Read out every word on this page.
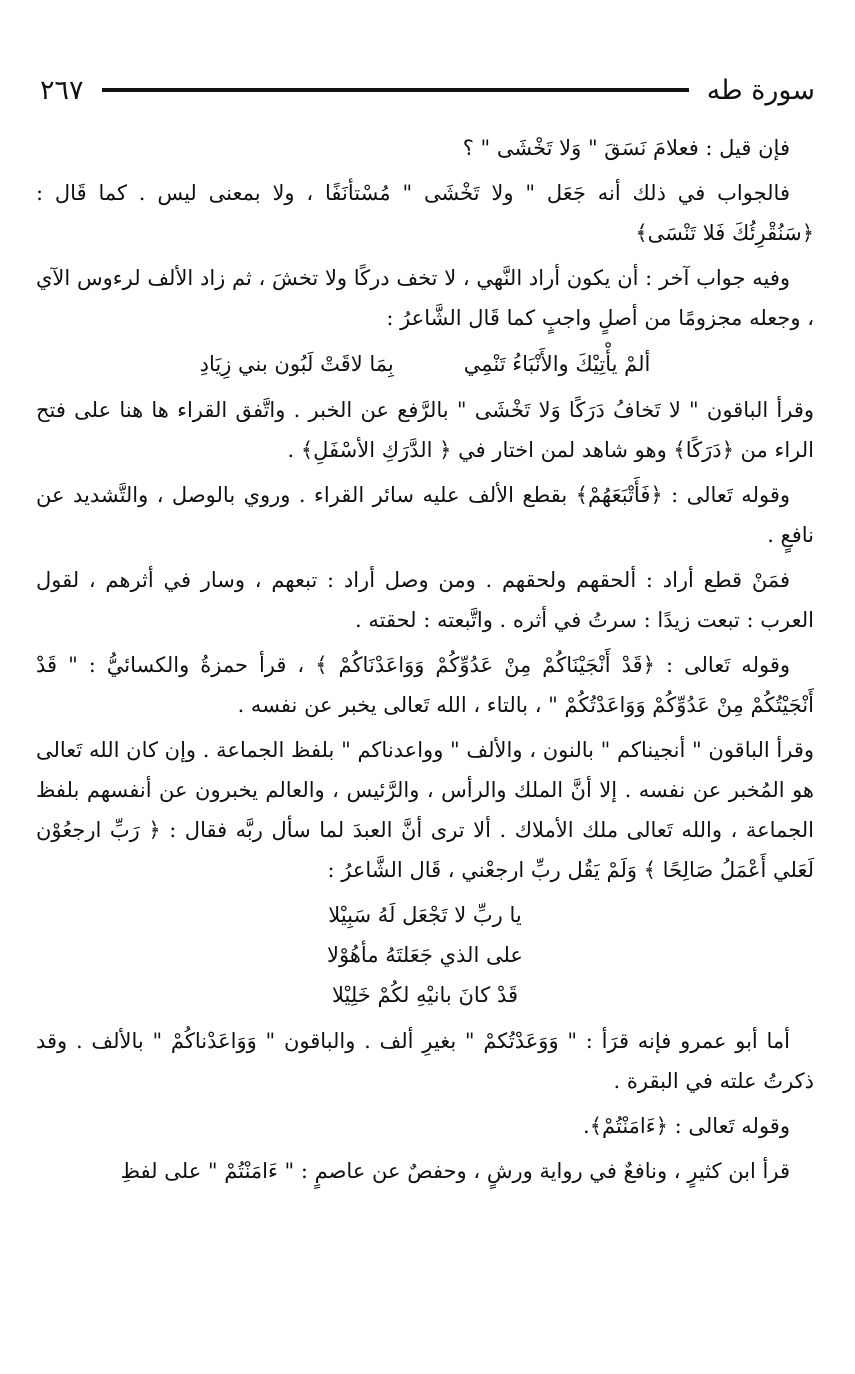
سورة طه
٢٦٧

فإن قيل : فعلامَ نَسَقَ " وَلا تَخْشَى " ؟

فالجواب في ذلك أنه جَعَل " ولا تَخْشَى " مُسْتأنَفًا ، ولا بمعنى ليس . كما قَال : ﴿سَنُقْرِئُكَ فَلا تَنْسَى﴾

وفيه جواب آخر : أن يكون أراد النَّهي ، لا تخف دركًا ولا تخشَ ، ثم زاد الألف لرءوس الآي ، وجعله مجزومًا من أصلٍ واجبٍ كما قَال الشَّاعرُ :

ألمْ يأْتِيْكَ والأَنْبَاءُ تَنْمِي
بِمَا لاقَتْ لَبُون بني زِيَادِ

وقرأ الباقون " لا تَخافُ دَرَكًا وَلا تَخْشَى " بالرَّفع عن الخبر . واتَّفق القراء ها هنا على فتح الراء من ﴿دَرَكًا﴾ وهو شاهد لمن اختار في ﴿ الدَّرَكِ الأسْفَلِ﴾ .

وقوله تَعالى : ﴿فَأَتْبَعَهُمْ﴾ بقطع الألف عليه سائر القراء . وروي بالوصل ، والتَّشديد عن نافعٍ .

فمَنْ قطع أراد : ألحقهم ولحقهم . ومن وصل أراد : تبعهم ، وسار في أثرهم ، لقول العرب : تبعت زيدًا : سرتُ في أثره . واتَّبعته : لحقته .

وقوله تَعالى : ﴿قَدْ أَنْجَيْنَاكُمْ مِنْ عَدُوِّكُمْ وَوَاعَدْنَاكُمْ ﴾ ، قرأ حمزةُ والكسائيُّ : " قَدْ أَنْجَيْتُكُمْ مِنْ عَدُوِّكُمْ وَوَاعَدْتُكُمْ " ، بالتاء ، الله تَعالى يخبر عن نفسه .

وقرأ الباقون " أنجيناكم " بالنون ، والألف " وواعدناكم " بلفظ الجماعة . وإن كان الله تَعالى هو المُخبر عن نفسه . إلا أنَّ الملك والرأس ، والرَّئيس ، والعالم يخبرون عن أنفسهم بلفظ الجماعة ، والله تَعالى ملك الأملاك . ألا ترى أنَّ العبدَ لما سأل ربَّه فقال : ﴿ رَبِّ ارجعُوْن لَعَلي أَعْمَلُ صَالِحًا ﴾ وَلَمْ يَقُل ربِّ ارجعْني ، قَال الشَّاعرُ :

يا ربِّ لا تَجْعَل لَهُ سَبِيْلا
على الذي جَعَلتَهُ مأهُوْلا
قَدْ كانَ بانيْهِ لكُمْ خَلِيْلا

أما أبو عمرو فإنه قرَأ : " وَوَعَدْتُكمْ " بغيرِ ألف . والباقون " وَوَاعَدْناكُمْ " بالألف . وقد ذكرتُ علته في البقرة .

وقوله تَعالى : ﴿ءَامَنْتُمْ﴾.

قرأ ابن كثيرٍ ، ونافعٌ في رواية ورشٍ ، وحفصٌ عن عاصمٍ : " ءَامَنْتُمْ " على لفظِ
